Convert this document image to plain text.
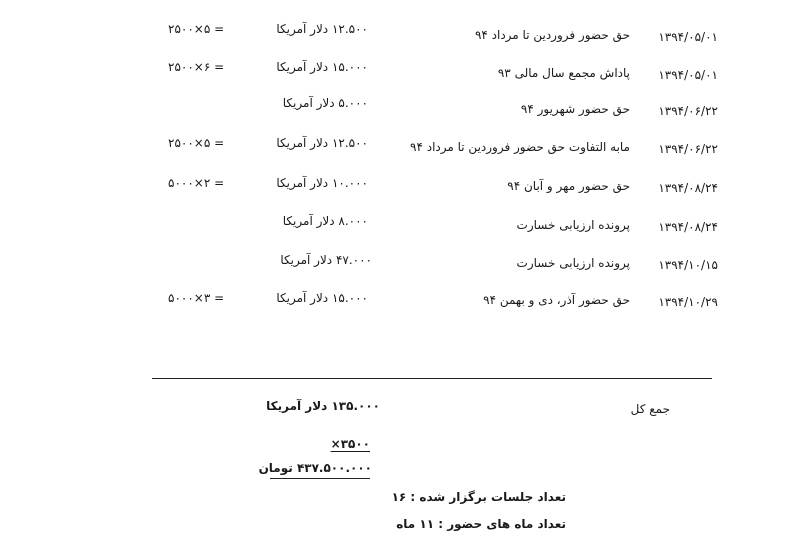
۱۳۹۴/۰۵/۰۱
حق حضور فروردین تا مرداد ۹۴
۱۲.۵۰۰ دلار آمریکا
۲۵۰۰×۵ =
۱۳۹۴/۰۵/۰۱
پاداش مجمع سال مالی ۹۳
۱۵.۰۰۰ دلار آمریکا
۲۵۰۰×۶ =
۱۳۹۴/۰۶/۲۲
حق حضور شهریور ۹۴
۵.۰۰۰ دلار آمریکا
۱۳۹۴/۰۶/۲۲
مابه التفاوت حق حضور فروردین تا مرداد ۹۴
۱۲.۵۰۰ دلار آمریکا
۲۵۰۰×۵ =
۱۳۹۴/۰۸/۲۴
حق حضور مهر و آبان ۹۴
۱۰.۰۰۰ دلار آمریکا
۵۰۰۰×۲ =
۱۳۹۴/۰۸/۲۴
پرونده ارزیابی خسارت
۸.۰۰۰ دلار آمریکا
۱۳۹۴/۱۰/۱۵
پرونده ارزیابی خسارت
۴۷.۰۰۰ دلار آمریکا
۱۳۹۴/۱۰/۲۹
حق حضور آذر، دی و بهمن ۹۴
۱۵.۰۰۰ دلار آمریکا
۵۰۰۰×۳ =
جمع کل
۱۳۵.۰۰۰ دلار آمریکا
×۳۵۰۰
۴۳۷.۵۰۰.۰۰۰ تومان
تعداد جلسات برگزار شده : ۱۶
تعداد ماه های حضور : ۱۱ ماه
